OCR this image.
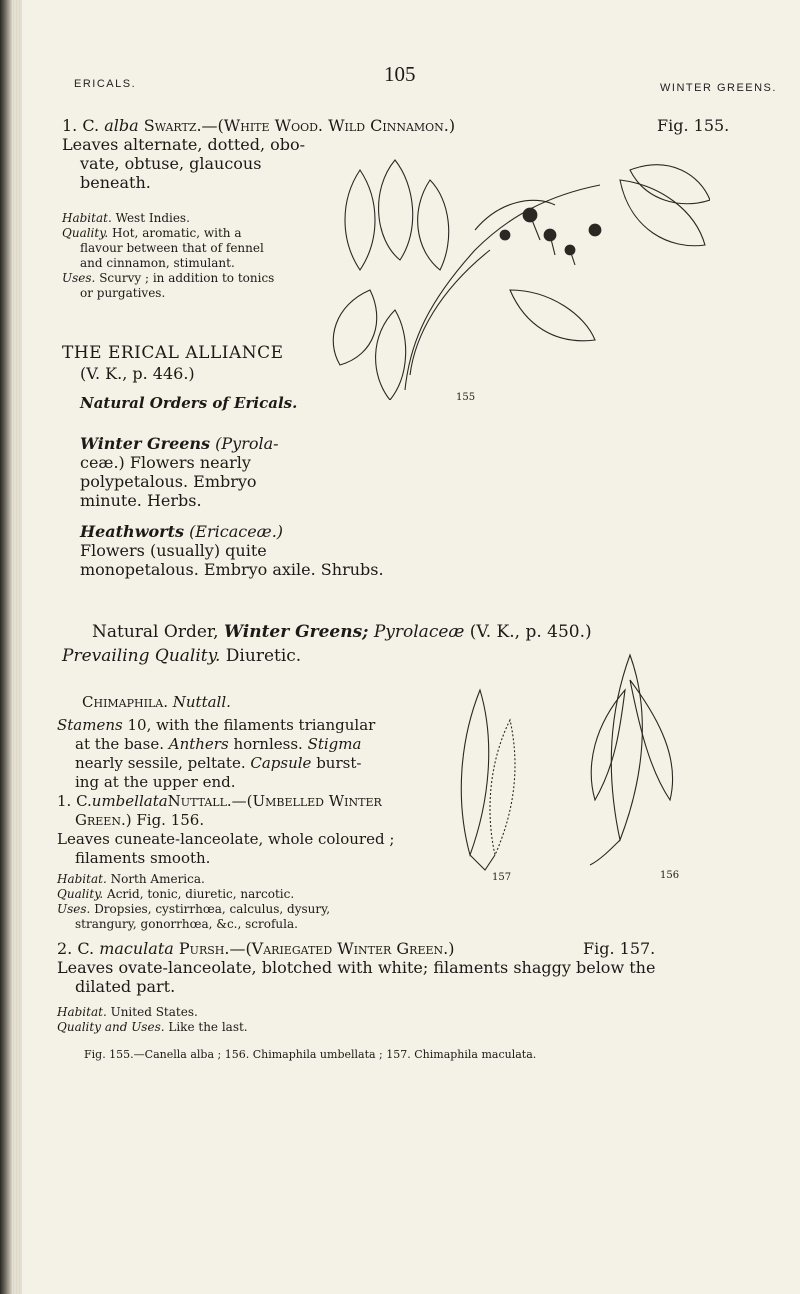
ERICALS.	105
WINTER GREENS.
1. C. alba Swartz.—(White Wood. Wild Cinnamon.)	Fig. 155.
Leaves alternate, dotted, obo-
vate, obtuse, glaucous
beneath.
Habitat. West Indies.
Quality. Hot, aromatic, with a
flavour between that of fennel
and cinnamon, stimulant.
Uses. Scurvy ; in addition to tonics
or purgatives.
THE ERICAL ALLIANCE
(V. K., p. 446.)
Natural Orders of Ericals.
Winter Greens (Pyrola-
ceæ.) Flowers nearly
polypetalous. Embryo
minute. Herbs.
Heathworts (Ericaceæ.)
Flowers (usually) quite
monopetalous. Embryo axile. Shrubs.
Natural Order, Winter Greens; Pyrolaceæ (V. K., p. 450.)
Prevailing Quality. Diuretic.
Chimaphila. Nuttall.
Stamens 10, with the filaments triangular
at the base. Anthers hornless. Stigma
nearly sessile, peltate. Capsule burst-
ing at the upper end.
1. C.umbellataNuttall.—(Umbelled Winter
Green.) Fig. 156.
Leaves cuneate-lanceolate, whole coloured ;
filaments smooth.
Habitat. North America.
Quality. Acrid, tonic, diuretic, narcotic.
Uses. Dropsies, cystirrhœa, calculus, dysury,
strangury, gonorrhœa, &c., scrofula.
2. C. maculata Pursh.—(Variegated Winter Green.)
Leaves ovate-lanceolate, blotched with white; filaments shaggy below the
dilated part.
Fig. 157.
Habitat. United States.
Quality and Uses. Like the last.
Fig. 155.—Canella alba ; 156. Chimaphila umbellata ; 157. Chimaphila maculata.
155
157	156
